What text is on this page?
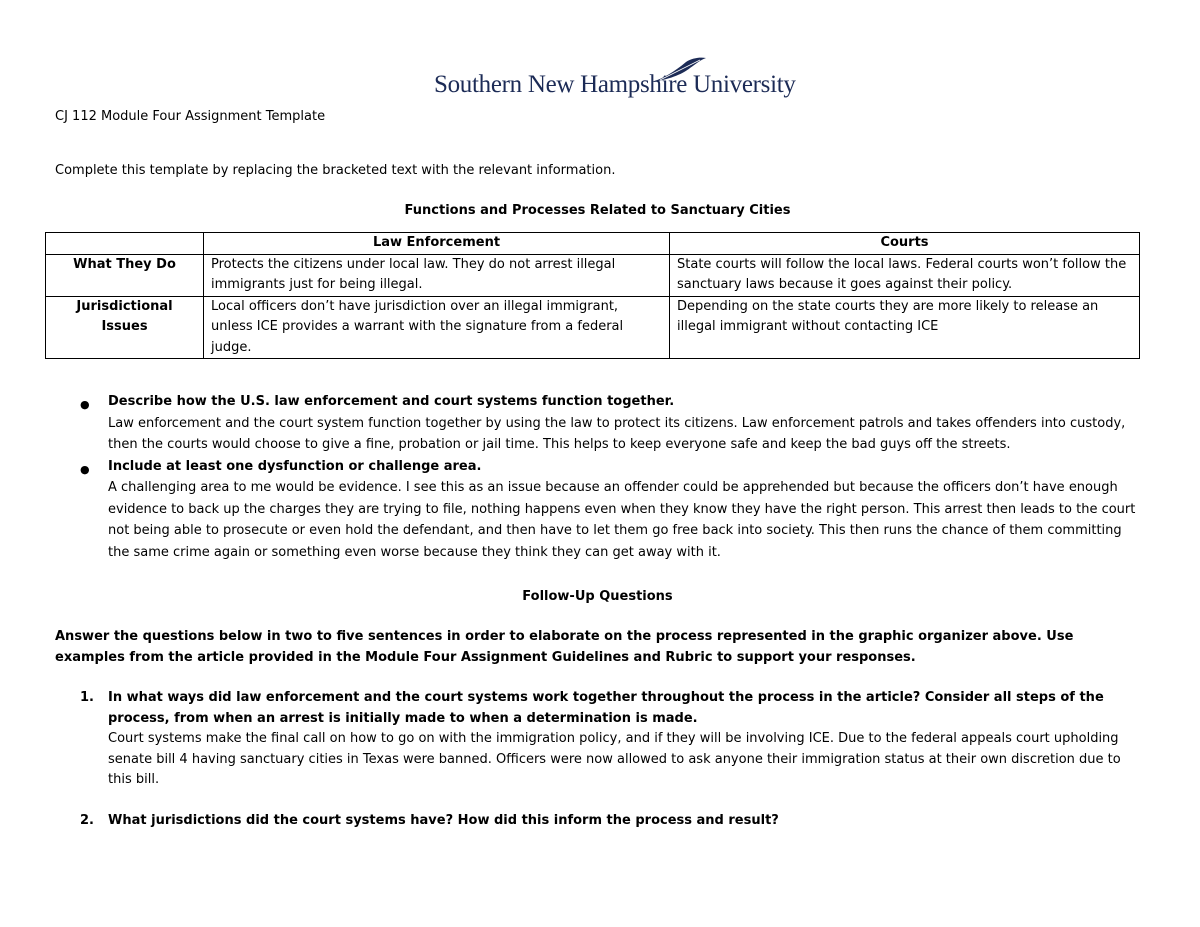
Southern New Hampshire University

CJ 112 Module Four Assignment Template

Complete this template by replacing the bracketed text with the relevant information.

Functions and Processes Related to Sanctuary Cities

	Law Enforcement	Courts
What They Do	Protects the citizens under local law. They do not arrest illegal immigrants just for being illegal.	State courts will follow the local laws. Federal courts won’t follow the sanctuary laws because it goes against their policy.
Jurisdictional Issues	Local officers don’t have jurisdiction over an illegal immigrant, unless ICE provides a warrant with the signature from a federal judge.	Depending on the state courts they are more likely to release an illegal immigrant without contacting ICE
● Describe how the U.S. law enforcement and court systems function together.
Law enforcement and the court system function together by using the law to protect its citizens. Law enforcement patrols and takes offenders into custody, then the courts would choose to give a fine, probation or jail time. This helps to keep everyone safe and keep the bad guys off the streets.
● Include at least one dysfunction or challenge area.
A challenging area to me would be evidence. I see this as an issue because an offender could be apprehended but because the officers don’t have enough evidence to back up the charges they are trying to file, nothing happens even when they know they have the right person. This arrest then leads to the court not being able to prosecute or even hold the defendant, and then have to let them go free back into society. This then runs the chance of them committing the same crime again or something even worse because they think they can get away with it.

Follow-Up Questions

Answer the questions below in two to five sentences in order to elaborate on the process represented in the graphic organizer above. Use examples from the article provided in the Module Four Assignment Guidelines and Rubric to support your responses.

1. In what ways did law enforcement and the court systems work together throughout the process in the article? Consider all steps of the process, from when an arrest is initially made to when a determination is made.
Court systems make the final call on how to go on with the immigration policy, and if they will be involving ICE. Due to the federal appeals court upholding senate bill 4 having sanctuary cities in Texas were banned. Officers were now allowed to ask anyone their immigration status at their own discretion due to this bill.
2. What jurisdictions did the court systems have? How did this inform the process and result?
